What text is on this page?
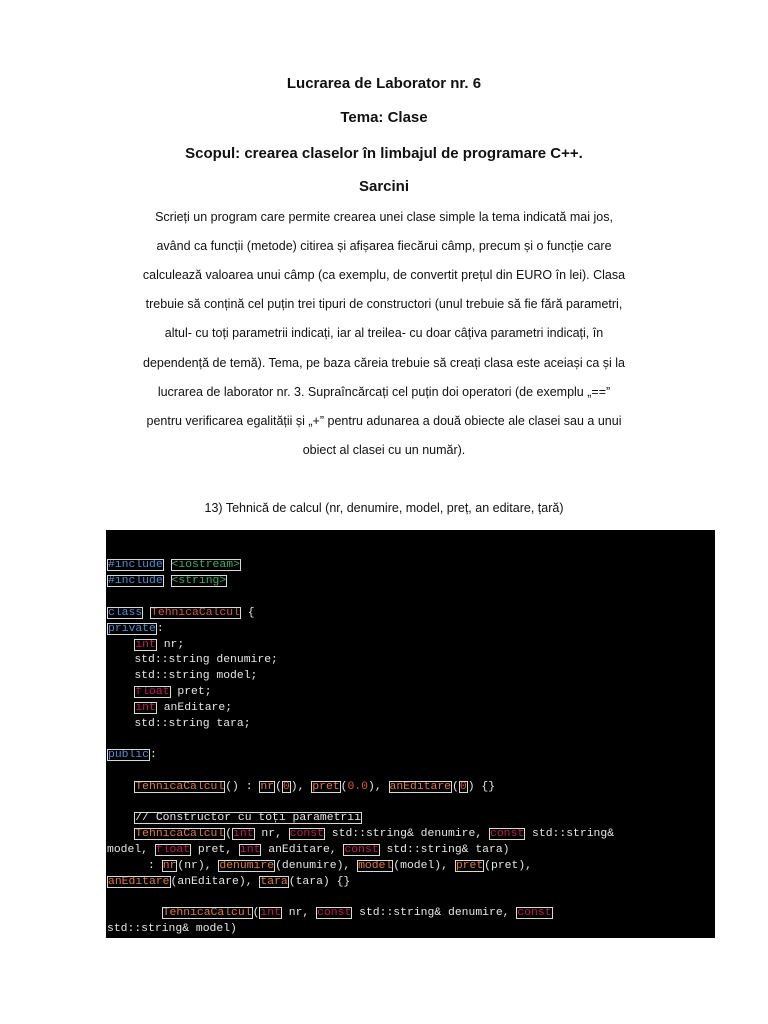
Lucrarea de Laborator nr. 6
Tema: Clase
Scopul: crearea claselor în limbajul de programare C++.
Sarcini

Scrieți un program care permite crearea unei clase simple la tema indicată mai jos,

având ca funcții (metode) citirea și afișarea fiecărui câmp, precum și o funcție care

calculează valoarea unui câmp (ca exemplu, de convertit prețul din EURO în lei). Clasa

trebuie să conțină cel puțin trei tipuri de constructori (unul trebuie să fie fără parametri,

altul- cu toți parametrii indicați, iar al treilea- cu doar câțiva parametri indicați, în

dependență de temă). Tema, pe baza căreia trebuie să creați clasa este aceiași ca și la

lucrarea de laborator nr. 3. Supraîncărcați cel puțin doi operatori (de exemplu „==”

pentru verificarea egalității și „+” pentru adunarea a două obiecte ale clasei sau a unui

obiect al clasei cu un număr).

13) Tehnică de calcul (nr, denumire, model, preț, an editare, țară)

#include <iostream>
#include <string>
class TehnicaCalcul {
private:
int nr;
std::string denumire;
std::string model;
float pret;
int anEditare;
std::string tara;
public:
TehnicaCalcul() : nr(0), pret(0.0), anEditare(0) {}
// Constructor cu toți parametrii
TehnicaCalcul(int nr, const std::string& denumire, const std::string&
model, float pret, int anEditare, const std::string& tara)
: nr(nr), denumire(denumire), model(model), pret(pret),
anEditare(anEditare), tara(tara) {}
TehnicaCalcul(int nr, const std::string& denumire, const
std::string& model)
